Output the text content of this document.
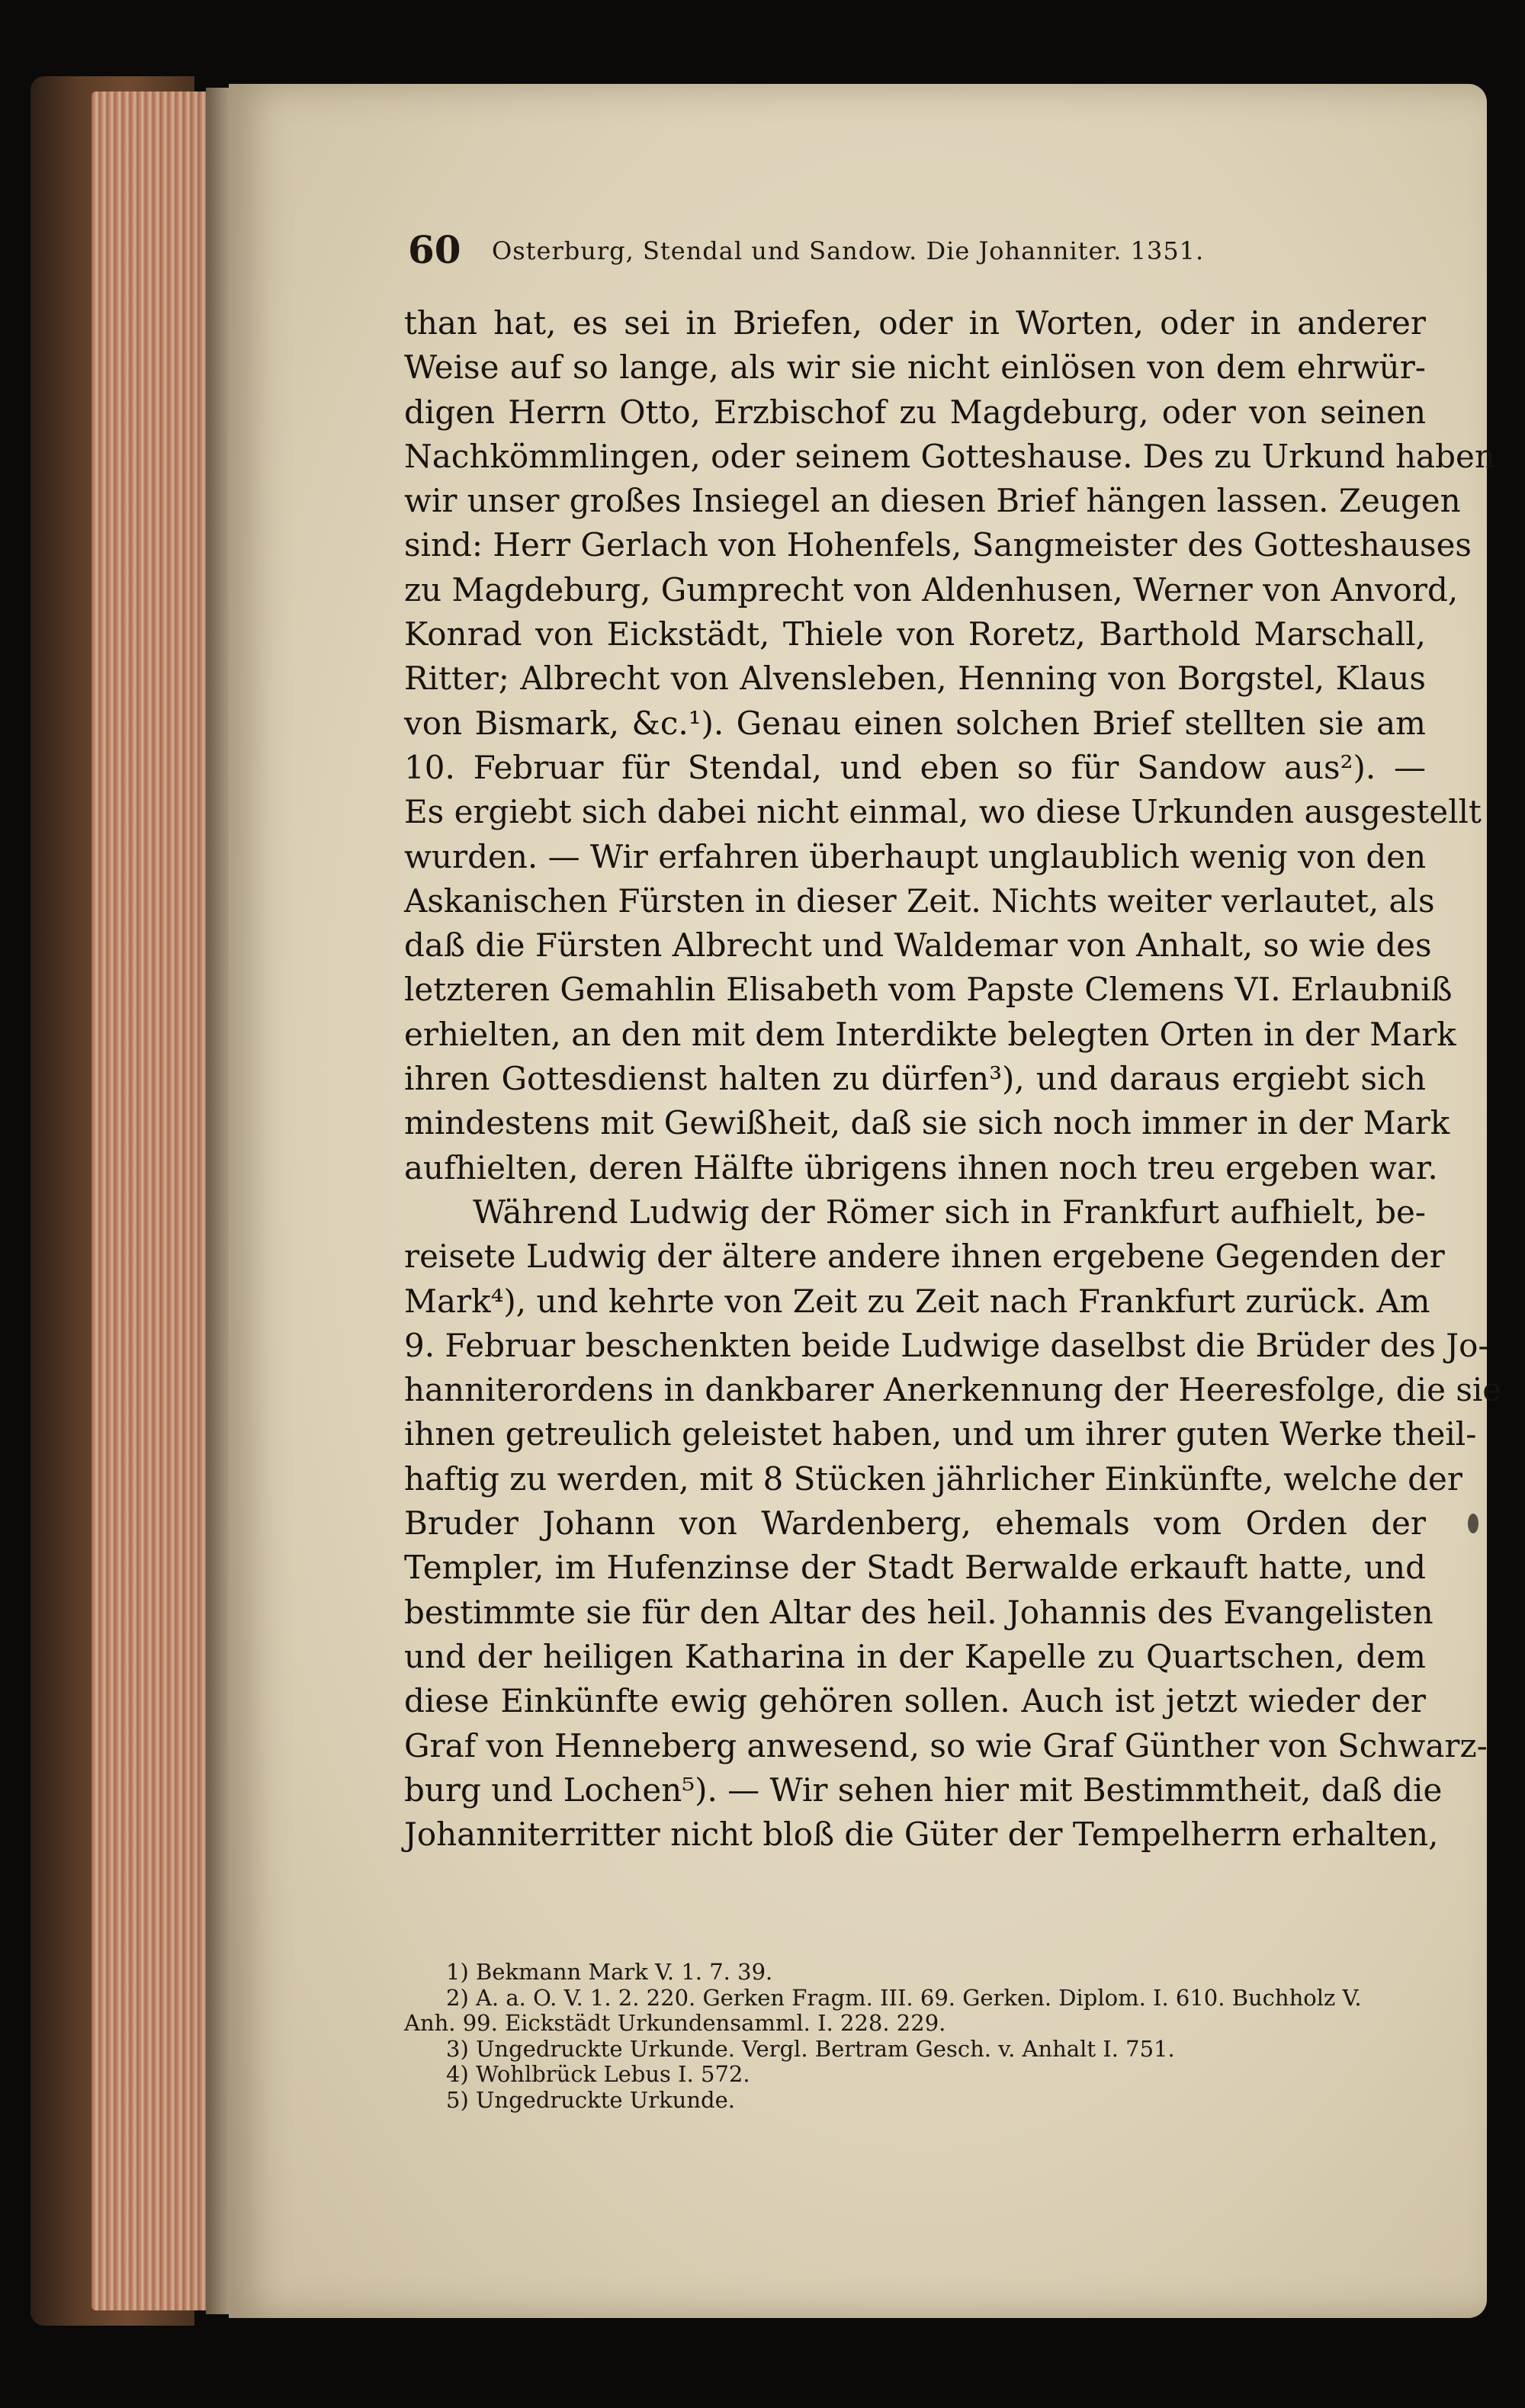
60 Osterburg, Stendal und Sandow. Die Johanniter. 1351.
than hat, es sei in Briefen, oder in Worten, oder in anderer
Weise auf so lange, als wir sie nicht einlösen von dem ehrwür-
digen Herrn Otto, Erzbischof zu Magdeburg, oder von seinen
Nachkömmlingen, oder seinem Gotteshause. Des zu Urkund haben
wir unser großes Insiegel an diesen Brief hängen lassen. Zeugen
sind: Herr Gerlach von Hohenfels, Sangmeister des Gotteshauses
zu Magdeburg, Gumprecht von Aldenhusen, Werner von Anvord,
Konrad von Eickstädt, Thiele von Roretz, Barthold Marschall,
Ritter; Albrecht von Alvensleben, Henning von Borgstel, Klaus
von Bismark, &c.¹). Genau einen solchen Brief stellten sie am
10. Februar für Stendal, und eben so für Sandow aus²). —
Es ergiebt sich dabei nicht einmal, wo diese Urkunden ausgestellt
wurden. — Wir erfahren überhaupt unglaublich wenig von den
Askanischen Fürsten in dieser Zeit. Nichts weiter verlautet, als
daß die Fürsten Albrecht und Waldemar von Anhalt, so wie des
letzteren Gemahlin Elisabeth vom Papste Clemens VI. Erlaubniß
erhielten, an den mit dem Interdikte belegten Orten in der Mark
ihren Gottesdienst halten zu dürfen³), und daraus ergiebt sich
mindestens mit Gewißheit, daß sie sich noch immer in der Mark
aufhielten, deren Hälfte übrigens ihnen noch treu ergeben war.
Während Ludwig der Römer sich in Frankfurt aufhielt, be-
reisete Ludwig der ältere andere ihnen ergebene Gegenden der
Mark⁴), und kehrte von Zeit zu Zeit nach Frankfurt zurück. Am
9. Februar beschenkten beide Ludwige daselbst die Brüder des Jo-
hanniterordens in dankbarer Anerkennung der Heeresfolge, die sie
ihnen getreulich geleistet haben, und um ihrer guten Werke theil-
haftig zu werden, mit 8 Stücken jährlicher Einkünfte, welche der
Bruder Johann von Wardenberg, ehemals vom Orden der
Templer, im Hufenzinse der Stadt Berwalde erkauft hatte, und
bestimmte sie für den Altar des heil. Johannis des Evangelisten
und der heiligen Katharina in der Kapelle zu Quartschen, dem
diese Einkünfte ewig gehören sollen. Auch ist jetzt wieder der
Graf von Henneberg anwesend, so wie Graf Günther von Schwarz-
burg und Lochen⁵). — Wir sehen hier mit Bestimmtheit, daß die
Johanniterritter nicht bloß die Güter der Tempelherrn erhalten,
1) Bekmann Mark V. 1. 7. 39.
2) A. a. O. V. 1. 2. 220. Gerken Fragm. III. 69. Gerken. Diplom. I. 610. Buchholz V.
Anh. 99. Eickstädt Urkundensamml. I. 228. 229.
3) Ungedruckte Urkunde. Vergl. Bertram Gesch. v. Anhalt I. 751.
4) Wohlbrück Lebus I. 572.
5) Ungedruckte Urkunde.
